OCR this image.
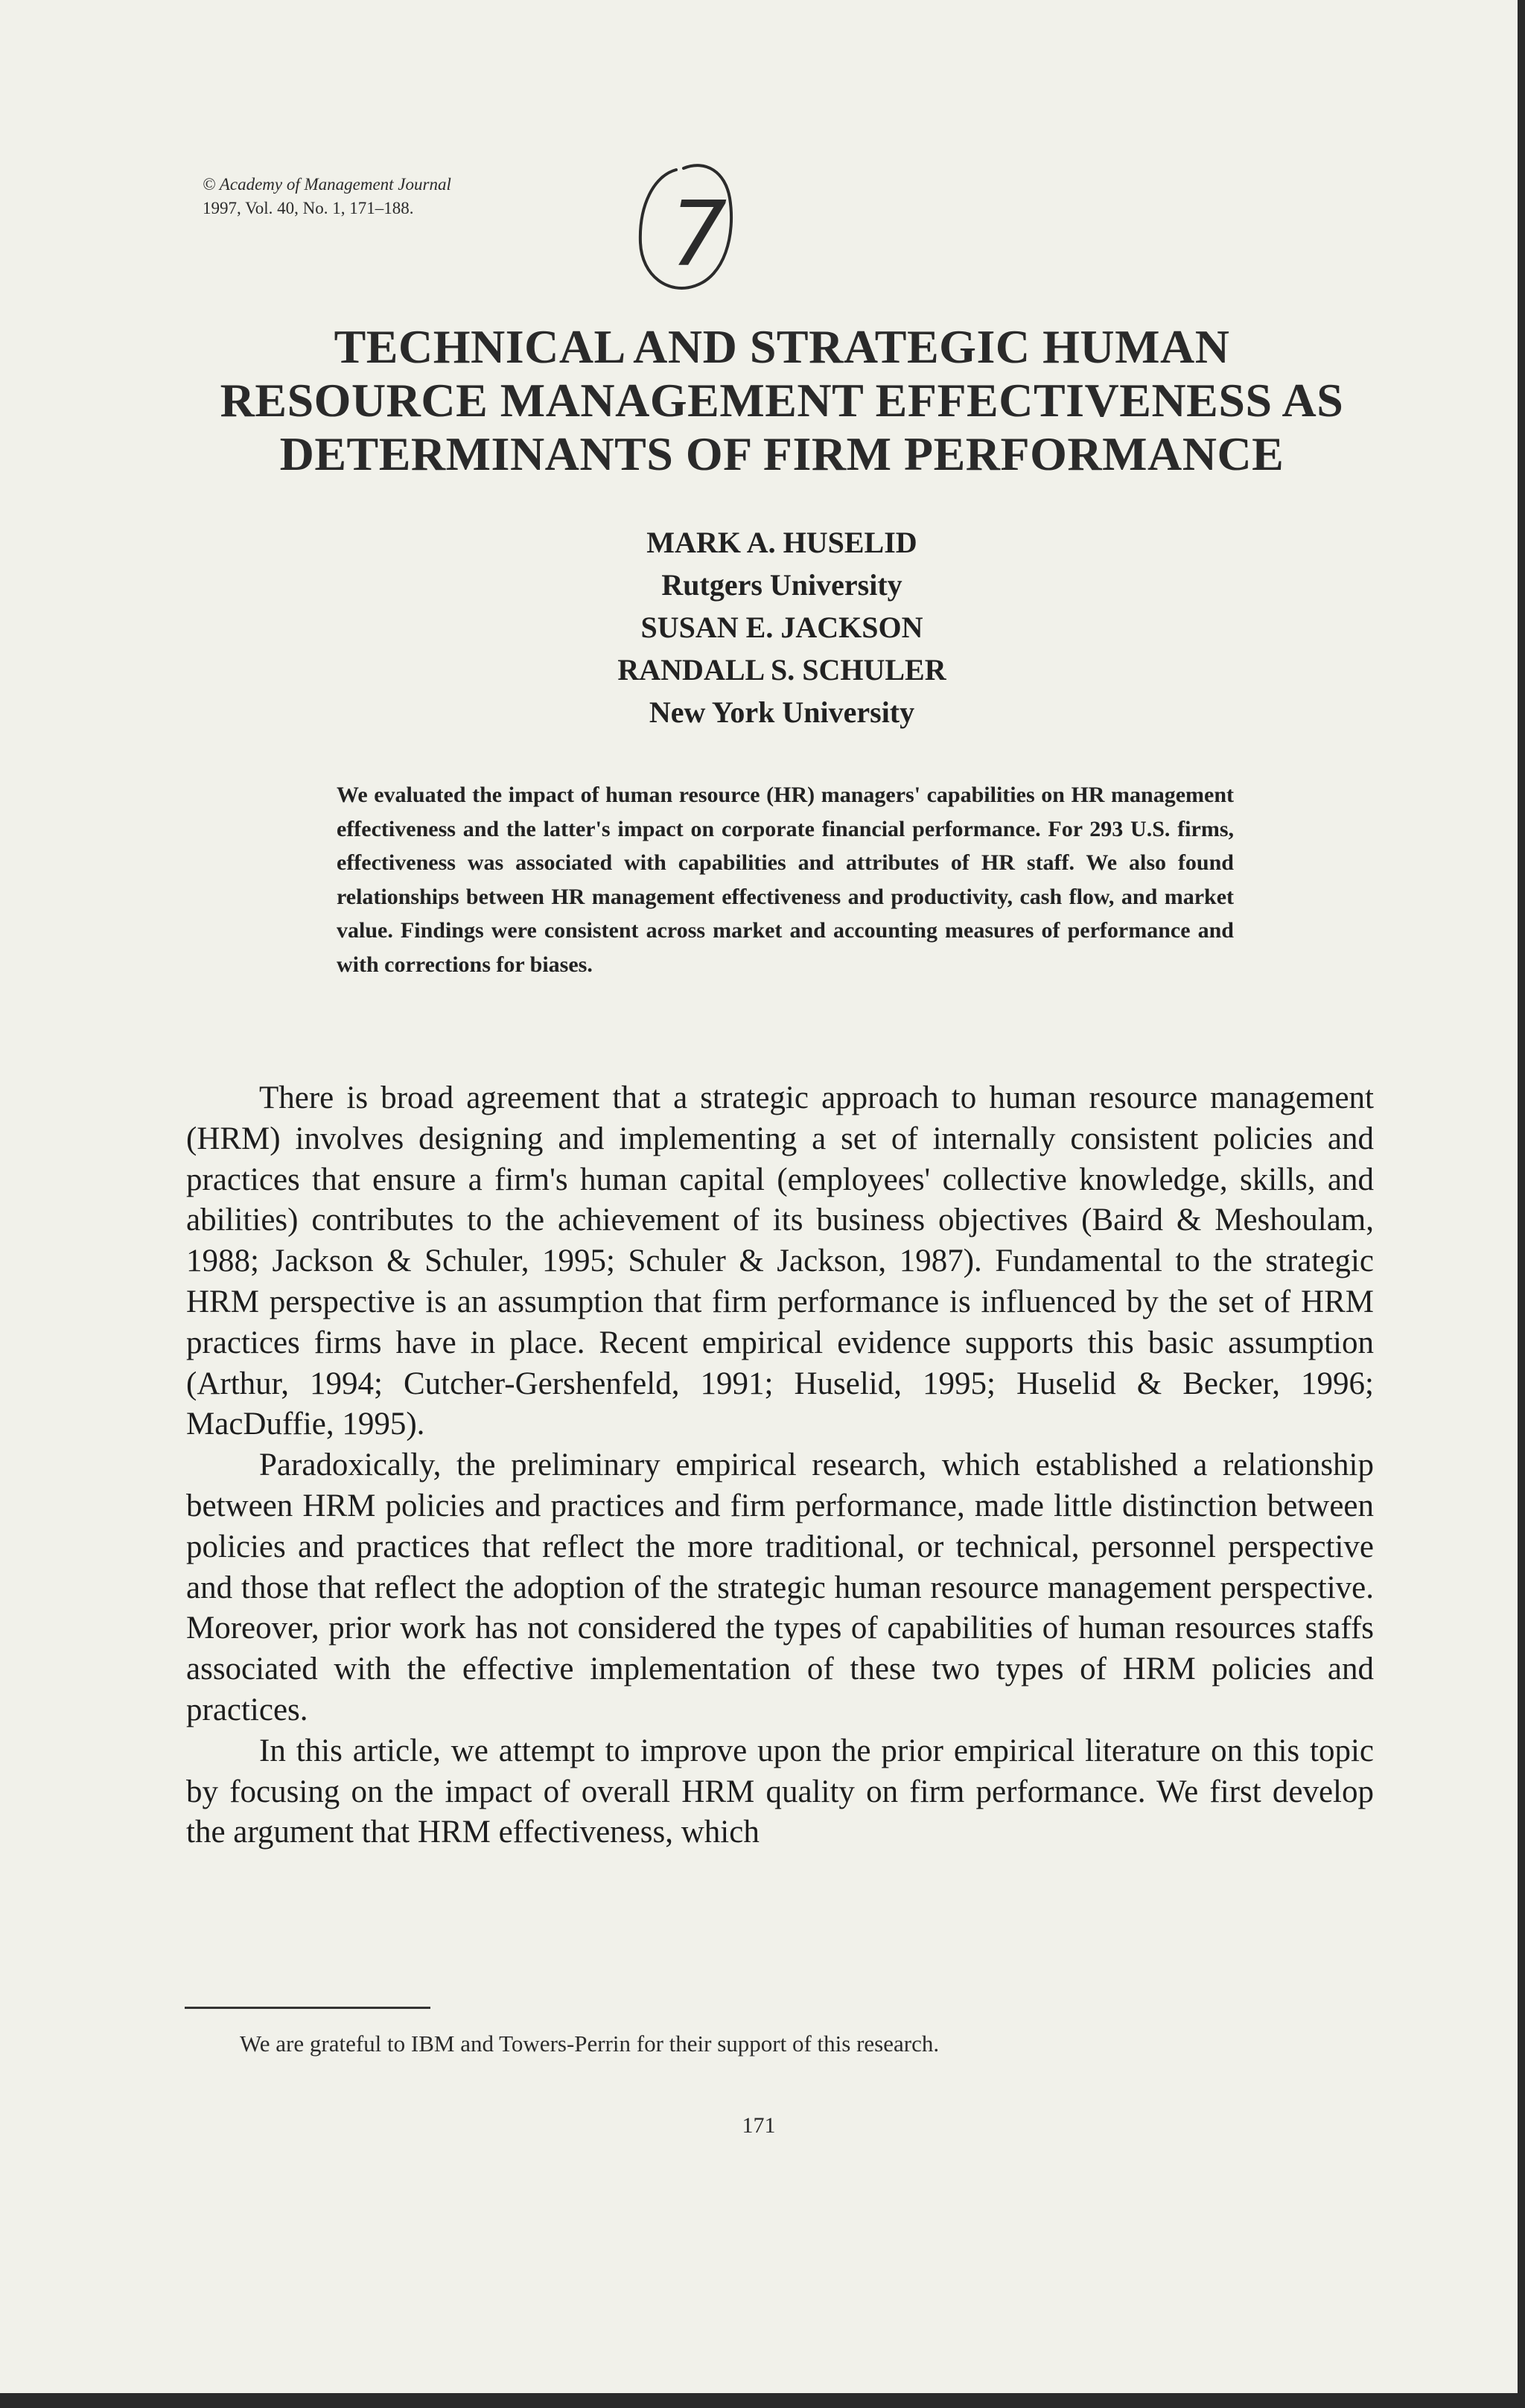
© Academy of Management Journal
1997, Vol. 40, No. 1, 171–188.	7
TECHNICAL AND STRATEGIC HUMAN
RESOURCE MANAGEMENT EFFECTIVENESS AS
DETERMINANTS OF FIRM PERFORMANCE
MARK A. HUSELID
Rutgers University
SUSAN E. JACKSON
RANDALL S. SCHULER
New York University

We evaluated the impact of human resource (HR) managers' capabilities on HR management effectiveness and the latter's impact on corporate financial performance. For 293 U.S. firms, effectiveness was associated with capabilities and attributes of HR staff. We also found relationships between HR management effectiveness and productivity, cash flow, and market value. Findings were consistent across market and accounting measures of performance and with corrections for biases.

There is broad agreement that a strategic approach to human resource management (HRM) involves designing and implementing a set of internally consistent policies and practices that ensure a firm's human capital (employees' collective knowledge, skills, and abilities) contributes to the achievement of its business objectives (Baird & Meshoulam, 1988; Jackson & Schuler, 1995; Schuler & Jackson, 1987). Fundamental to the strategic HRM perspective is an assumption that firm performance is influenced by the set of HRM practices firms have in place. Recent empirical evidence supports this basic assumption (Arthur, 1994; Cutcher-Gershenfeld, 1991; Huselid, 1995; Huselid & Becker, 1996; MacDuffie, 1995).

Paradoxically, the preliminary empirical research, which established a relationship between HRM policies and practices and firm performance, made little distinction between policies and practices that reflect the more traditional, or technical, personnel perspective and those that reflect the adoption of the strategic human resource management perspective. Moreover, prior work has not considered the types of capabilities of human resources staffs associated with the effective implementation of these two types of HRM policies and practices.

In this article, we attempt to improve upon the prior empirical literature on this topic by focusing on the impact of overall HRM quality on firm performance. We first develop the argument that HRM effectiveness, which

We are grateful to IBM and Towers-Perrin for their support of this research.
171
